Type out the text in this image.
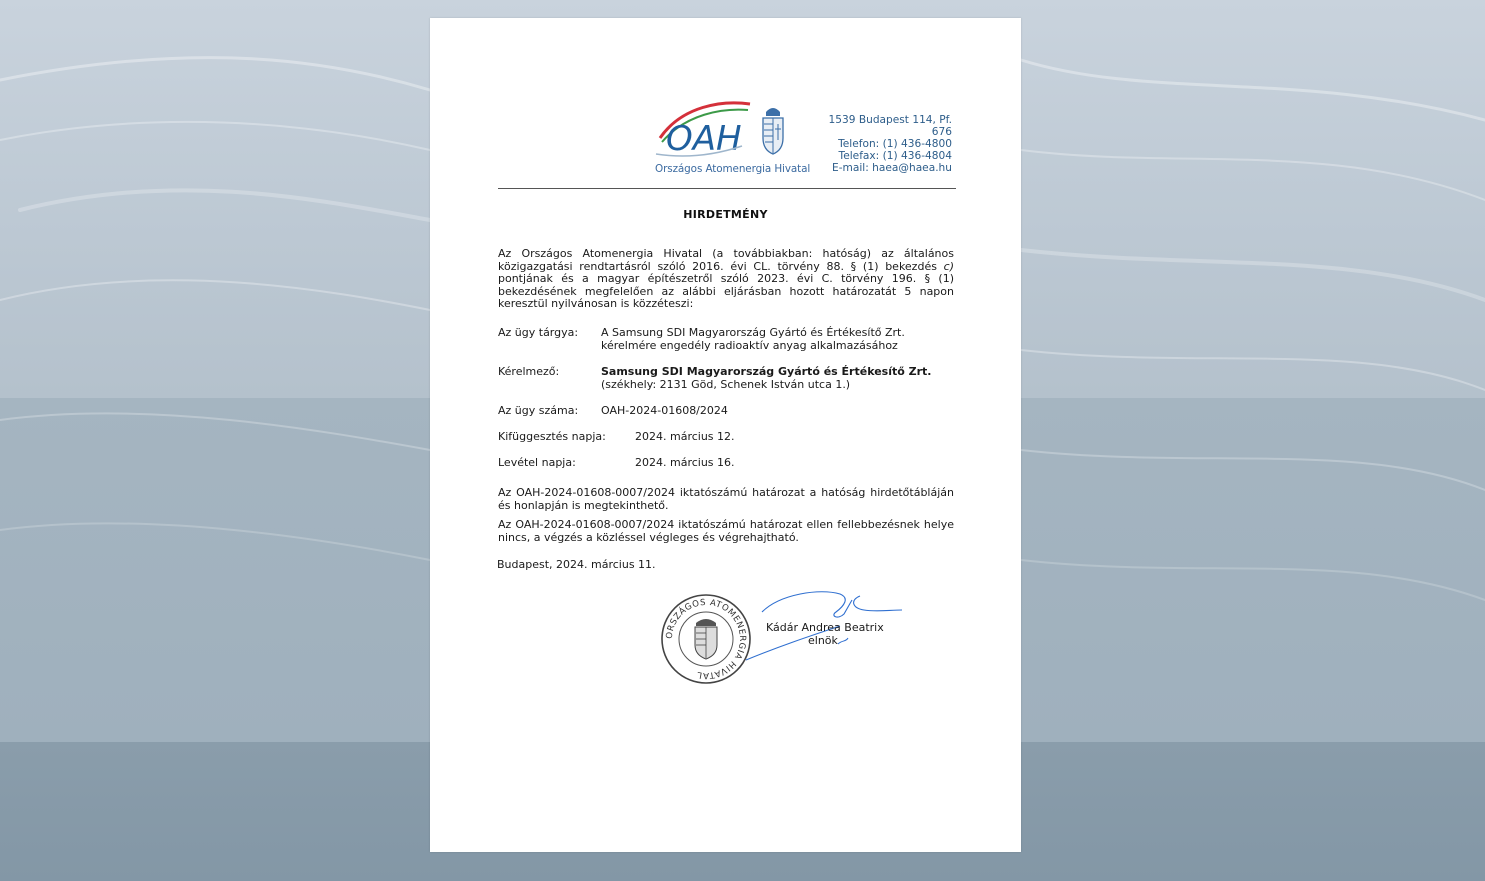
OAH
Országos Atomenergia Hivatal
1539 Budapest 114, Pf.
676
Telefon: (1) 436-4800
Telefax: (1) 436-4804
E-mail: haea@haea.hu
HIRDETMÉNY
Az Országos Atomenergia Hivatal (a továbbiakban: hatóság) az általános közigazgatási rendtartásról szóló 2016. évi CL. törvény 88. § (1) bekezdés c) pontjának és a magyar építészetről szóló 2023. évi C. törvény 196. § (1) bekezdésének megfelelően az alábbi eljárásban hozott határozatát 5 napon keresztül nyilvánosan is közzéteszi:
Az ügy tárgya: A Samsung SDI Magyarország Gyártó és Értékesítő Zrt. kérelmére engedély radioaktív anyag alkalmazásához
Kérelmező:	Samsung SDI Magyarország Gyártó és Értékesítő Zrt.
(székhely: 2131 Göd, Schenek István utca 1.)
Az ügy száma: OAH-2024-01608/2024
Kifüggesztés napja:	2024. március 12.
Levétel napja:	2024. március 16.
Az OAH-2024-01608-0007/2024 iktatószámú határozat a hatóság hirdetőtábláján és honlapján is megtekinthető.
Az OAH-2024-01608-0007/2024 iktatószámú határozat ellen fellebbezésnek helye nincs, a végzés a közléssel végleges és végrehajtható.
Budapest, 2024. március 11.
ORSZÁGOS ATOMENERGIA HIVATAL
Kádár Andrea Beatrix
elnök
